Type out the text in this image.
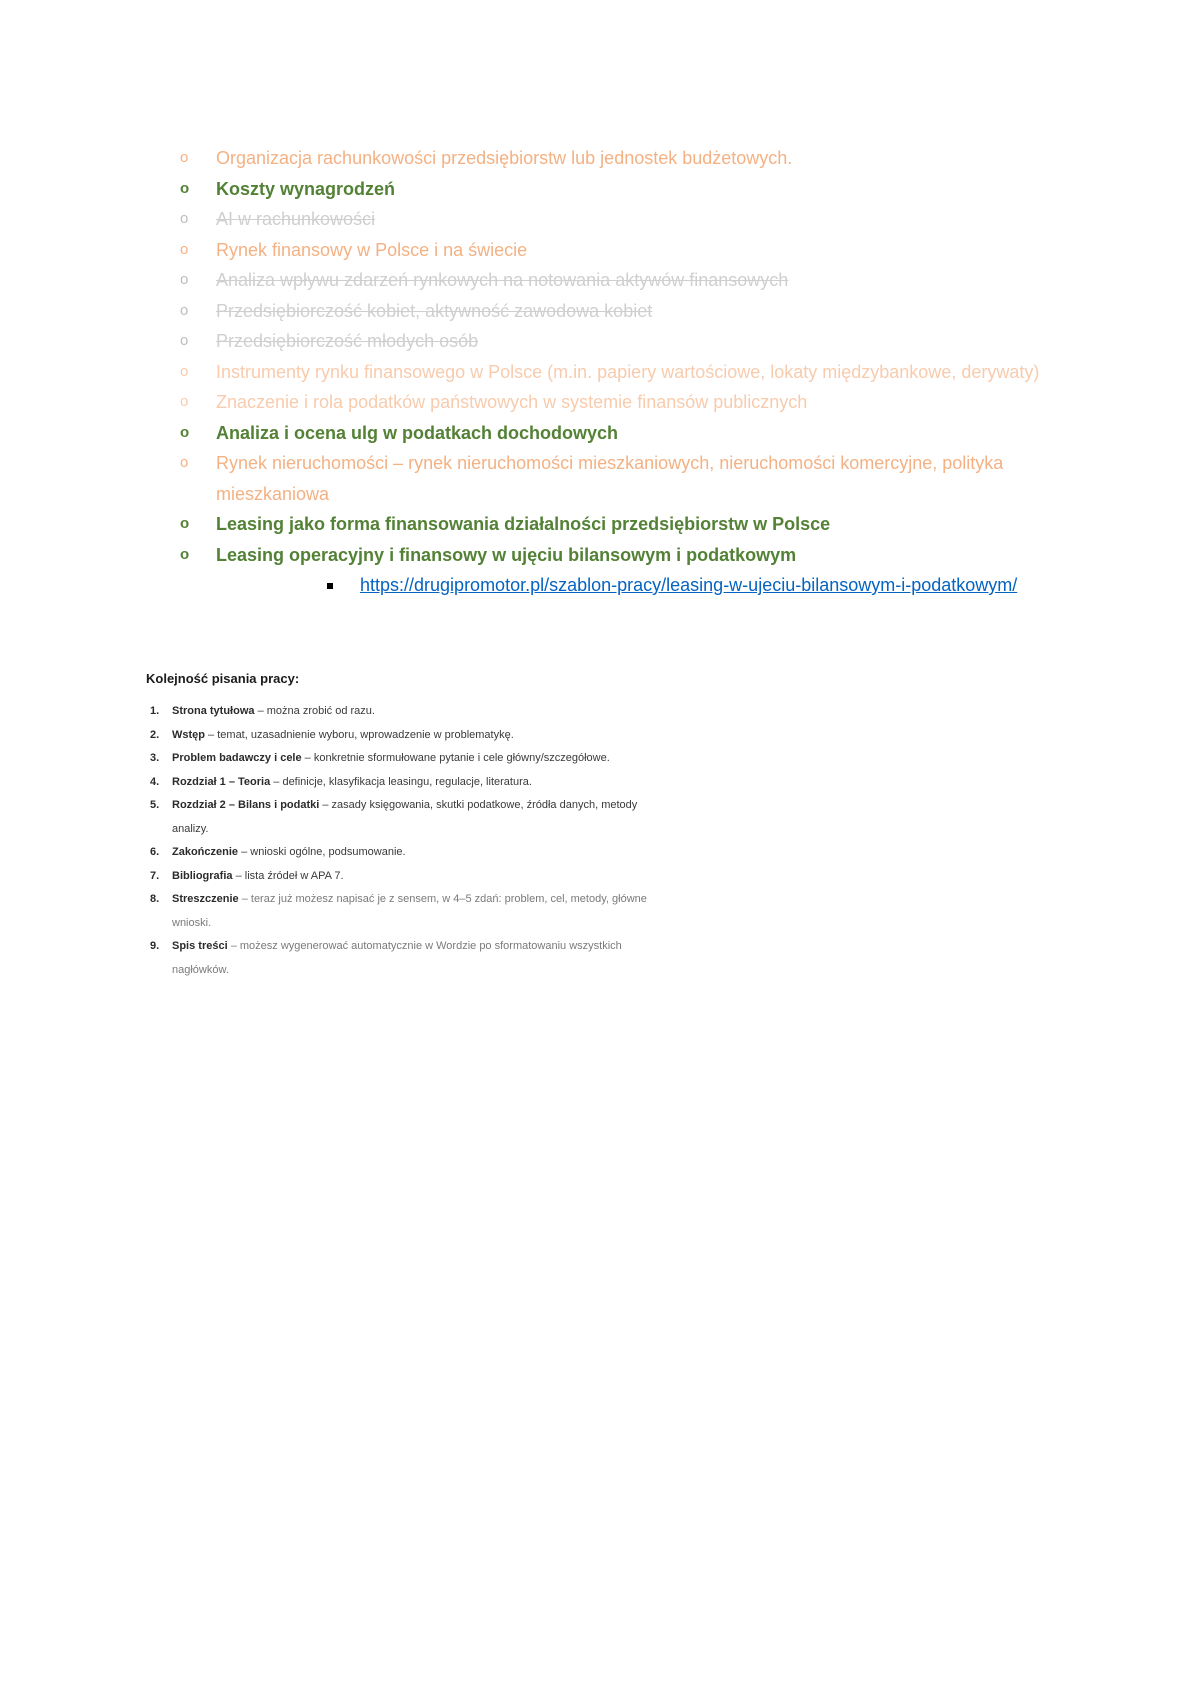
o Organizacja rachunkowości przedsiębiorstw lub jednostek budżetowych.
o Koszty wynagrodzeń
o AI w rachunkowości
o Rynek finansowy w Polsce i na świecie
o Analiza wpływu zdarzeń rynkowych na notowania aktywów finansowych
o Przedsiębiorczość kobiet, aktywność zawodowa kobiet
o Przedsiębiorczość młodych osób
o Instrumenty rynku finansowego w Polsce (m.in. papiery wartościowe, lokaty międzybankowe, derywaty)
o Znaczenie i rola podatków państwowych w systemie finansów publicznych
o Analiza i ocena ulg w podatkach dochodowych
o Rynek nieruchomości – rynek nieruchomości mieszkaniowych, nieruchomości komercyjne, polityka mieszkaniowa
o Leasing jako forma finansowania działalności przedsiębiorstw w Polsce
o Leasing operacyjny i finansowy w ujęciu bilansowym i podatkowym
https://drugipromotor.pl/szablon-pracy/leasing-w-ujeciu-bilansowym-i-podatkowym/
Kolejność pisania pracy:
1. Strona tytułowa – można zrobić od razu.
2. Wstęp – temat, uzasadnienie wyboru, wprowadzenie w problematykę.
3. Problem badawczy i cele – konkretnie sformułowane pytanie i cele główny/szczegółowe.
4. Rozdział 1 – Teoria – definicje, klasyfikacja leasingu, regulacje, literatura.
5. Rozdział 2 – Bilans i podatki – zasady księgowania, skutki podatkowe, źródła danych, metody analizy.
6. Zakończenie – wnioski ogólne, podsumowanie.
7. Bibliografia – lista źródeł w APA 7.
8. Streszczenie – teraz już możesz napisać je z sensem, w 4–5 zdań: problem, cel, metody, główne wnioski.
9. Spis treści – możesz wygenerować automatycznie w Wordzie po sformatowaniu wszystkich nagłówków.
